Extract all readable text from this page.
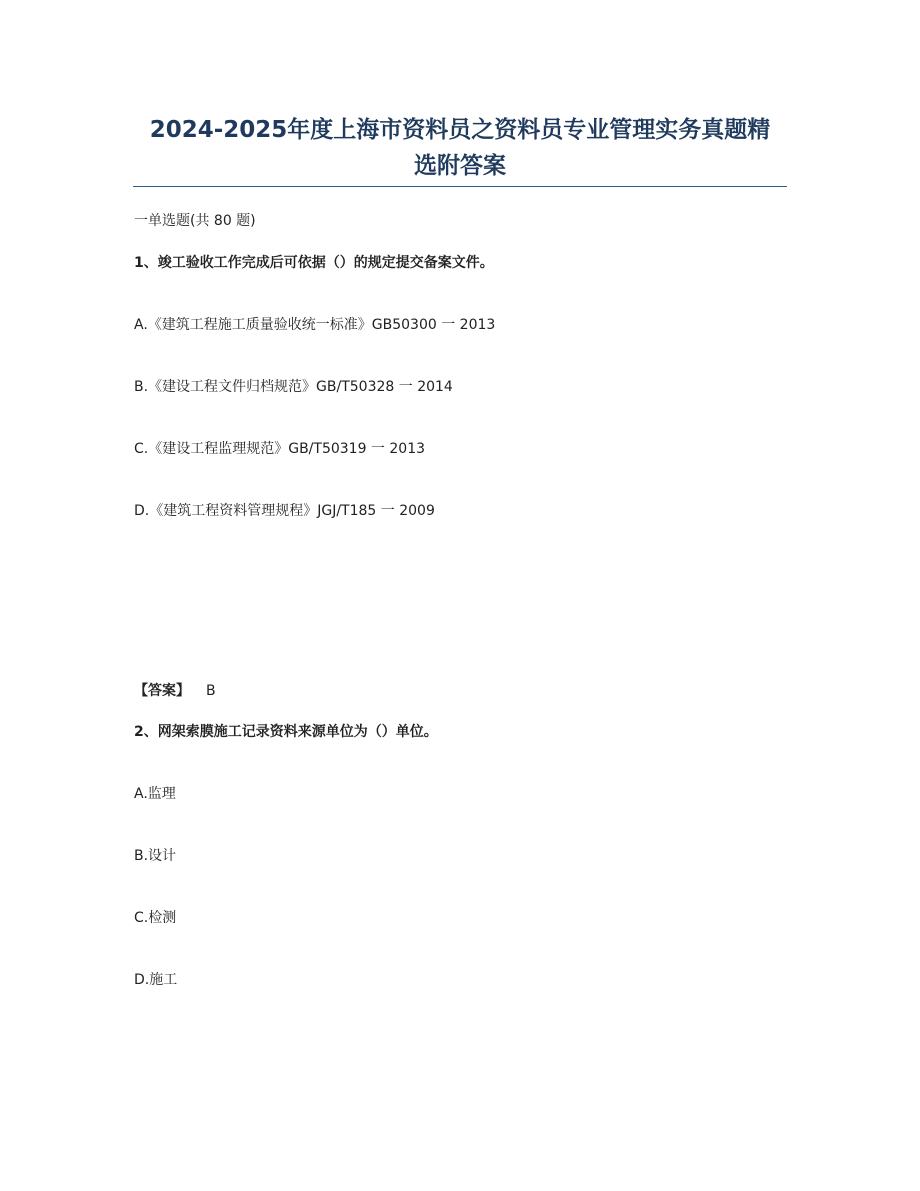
2024-2025年度上海市资料员之资料员专业管理实务真题精
选附答案

一单选题(共 80 题)

1、竣工验收工作完成后可依据（）的规定提交备案文件。

A.《建筑工程施工质量验收统一标准》GB50300 一 2013

B.《建设工程文件归档规范》GB/T50328 一 2014

C.《建设工程监理规范》GB/T50319 一 2013

D.《建筑工程资料管理规程》JGJ/T185 一 2009

【答案】 B

2、网架索膜施工记录资料来源单位为（）单位。

A.监理

B.设计

C.检测

D.施工
